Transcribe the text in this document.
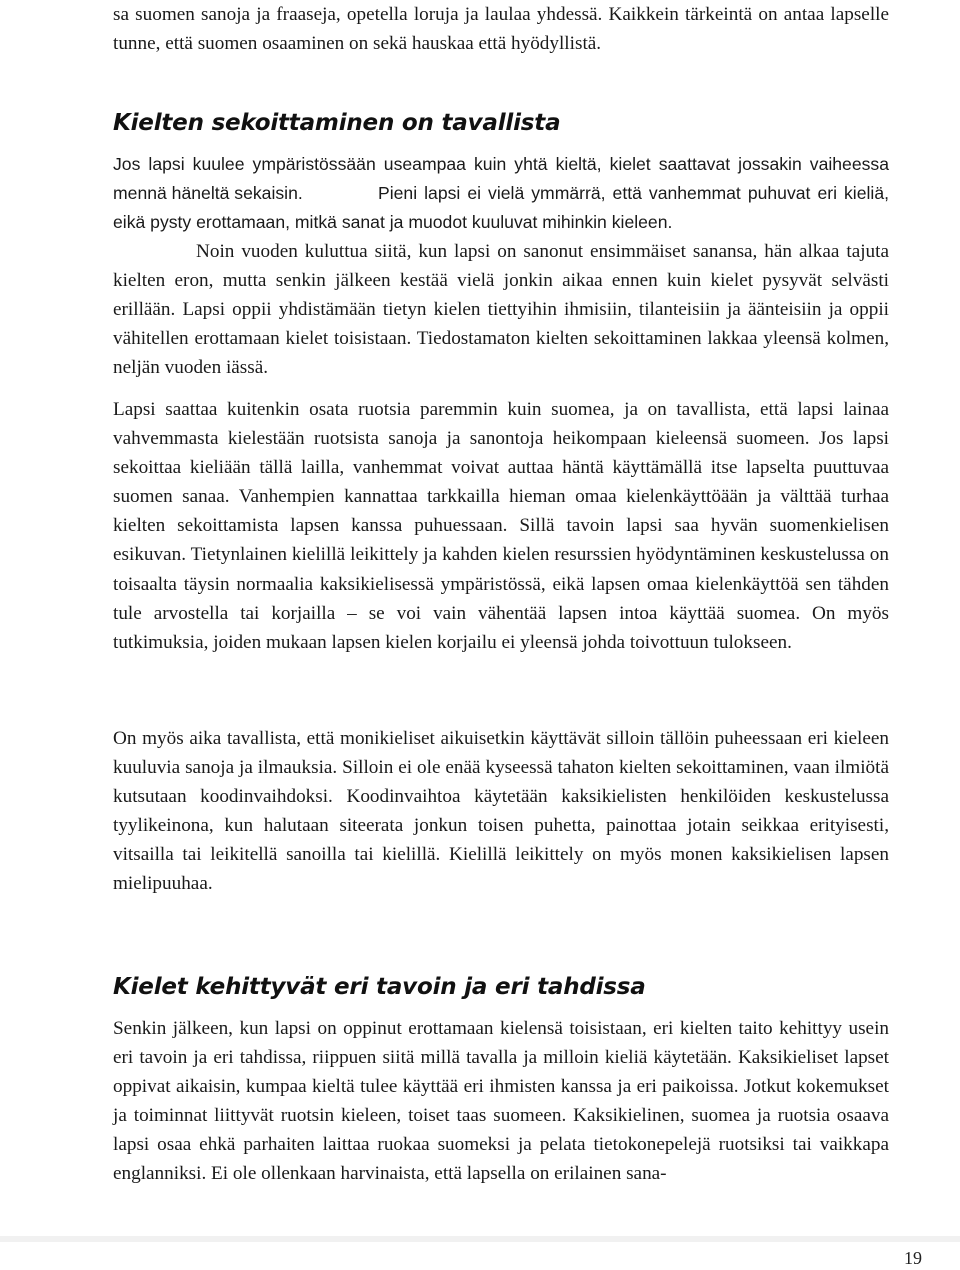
sa suomen sanoja ja fraaseja, opetella loruja ja laulaa yhdessä. Kaikkein tärkeintä on antaa lapselle tunne, että suomen osaaminen on sekä hauskaa että hyödyllistä.

Kielten sekoittaminen on tavallista

Jos lapsi kuulee ympäristössään useampaa kuin yhtä kieltä, kielet saattavat jossakin vaiheessa mennä häneltä sekaisin.	Pieni lapsi ei vielä ymmärrä, että vanhemmat puhuvat eri kieliä, eikä pysty erottamaan, mitkä sanat ja muodot kuuluvat mihinkin kieleen.

Noin vuoden kuluttua siitä, kun lapsi on sanonut ensimmäiset sanansa, hän alkaa tajuta kielten eron, mutta senkin jälkeen kestää vielä jonkin aikaa ennen kuin kielet pysyvät selvästi erillään. Lapsi oppii yhdistämään tietyn kielen tiettyihin ihmisiin, tilanteisiin ja äänteisiin ja oppii vähitellen erottamaan kielet toisistaan. Tiedostamaton kielten sekoittaminen lakkaa yleensä kolmen, neljän vuoden iässä.

Lapsi saattaa kuitenkin osata ruotsia paremmin kuin suomea, ja on tavallista, että lapsi lainaa vahvemmasta kielestään ruotsista sanoja ja sanontoja heikompaan kieleensä suomeen. Jos lapsi sekoittaa kieliään tällä lailla, vanhemmat voivat auttaa häntä käyttämällä itse lapselta puuttuvaa suomen sanaa. Vanhempien kannattaa tarkkailla hieman omaa kielenkäyttöään ja välttää turhaa kielten sekoittamista lapsen kanssa puhuessaan. Sillä tavoin lapsi saa hyvän suomenkielisen esikuvan. Tietynlainen kielillä leikittely ja kahden kielen resurssien hyödyntäminen keskustelussa on toisaalta täysin normaalia kaksikielisessä ympäristössä, eikä lapsen omaa kielenkäyttöä sen tähden tule arvostella tai korjailla – se voi vain vähentää lapsen intoa käyttää suomea. On myös tutkimuksia, joiden mukaan lapsen kielen korjailu ei yleensä johda toivottuun tulokseen.

On myös aika tavallista, että monikieliset aikuisetkin käyttävät silloin tällöin puheessaan eri kieleen kuuluvia sanoja ja ilmauksia. Silloin ei ole enää kyseessä tahaton kielten sekoittaminen, vaan ilmiötä kutsutaan koodinvaihdoksi. Koodinvaihtoa käytetään kaksikielisten henkilöiden keskustelussa tyylikeinona, kun halutaan siteerata jonkun toisen puhetta, painottaa jotain seikkaa erityisesti, vitsailla tai leikitellä sanoilla tai kielillä. Kielillä leikittely on myös monen kaksikielisen lapsen mielipuuhaa.

Kielet kehittyvät eri tavoin ja eri tahdissa

Senkin jälkeen, kun lapsi on oppinut erottamaan kielensä toisistaan, eri kielten taito kehittyy usein eri tavoin ja eri tahdissa, riippuen siitä millä tavalla ja milloin kieliä käytetään. Kaksikieliset lapset oppivat aikaisin, kumpaa kieltä tulee käyttää eri ihmisten kanssa ja eri paikoissa. Jotkut kokemukset ja toiminnat liittyvät ruotsin kieleen, toiset taas suomeen. Kaksikielinen, suomea ja ruotsia osaava lapsi osaa ehkä parhaiten laittaa ruokaa suomeksi ja pelata tietokonepelejä ruotsiksi tai vaikkapa englanniksi. Ei ole ollenkaan harvinaista, että lapsella on erilainen sana-

19
